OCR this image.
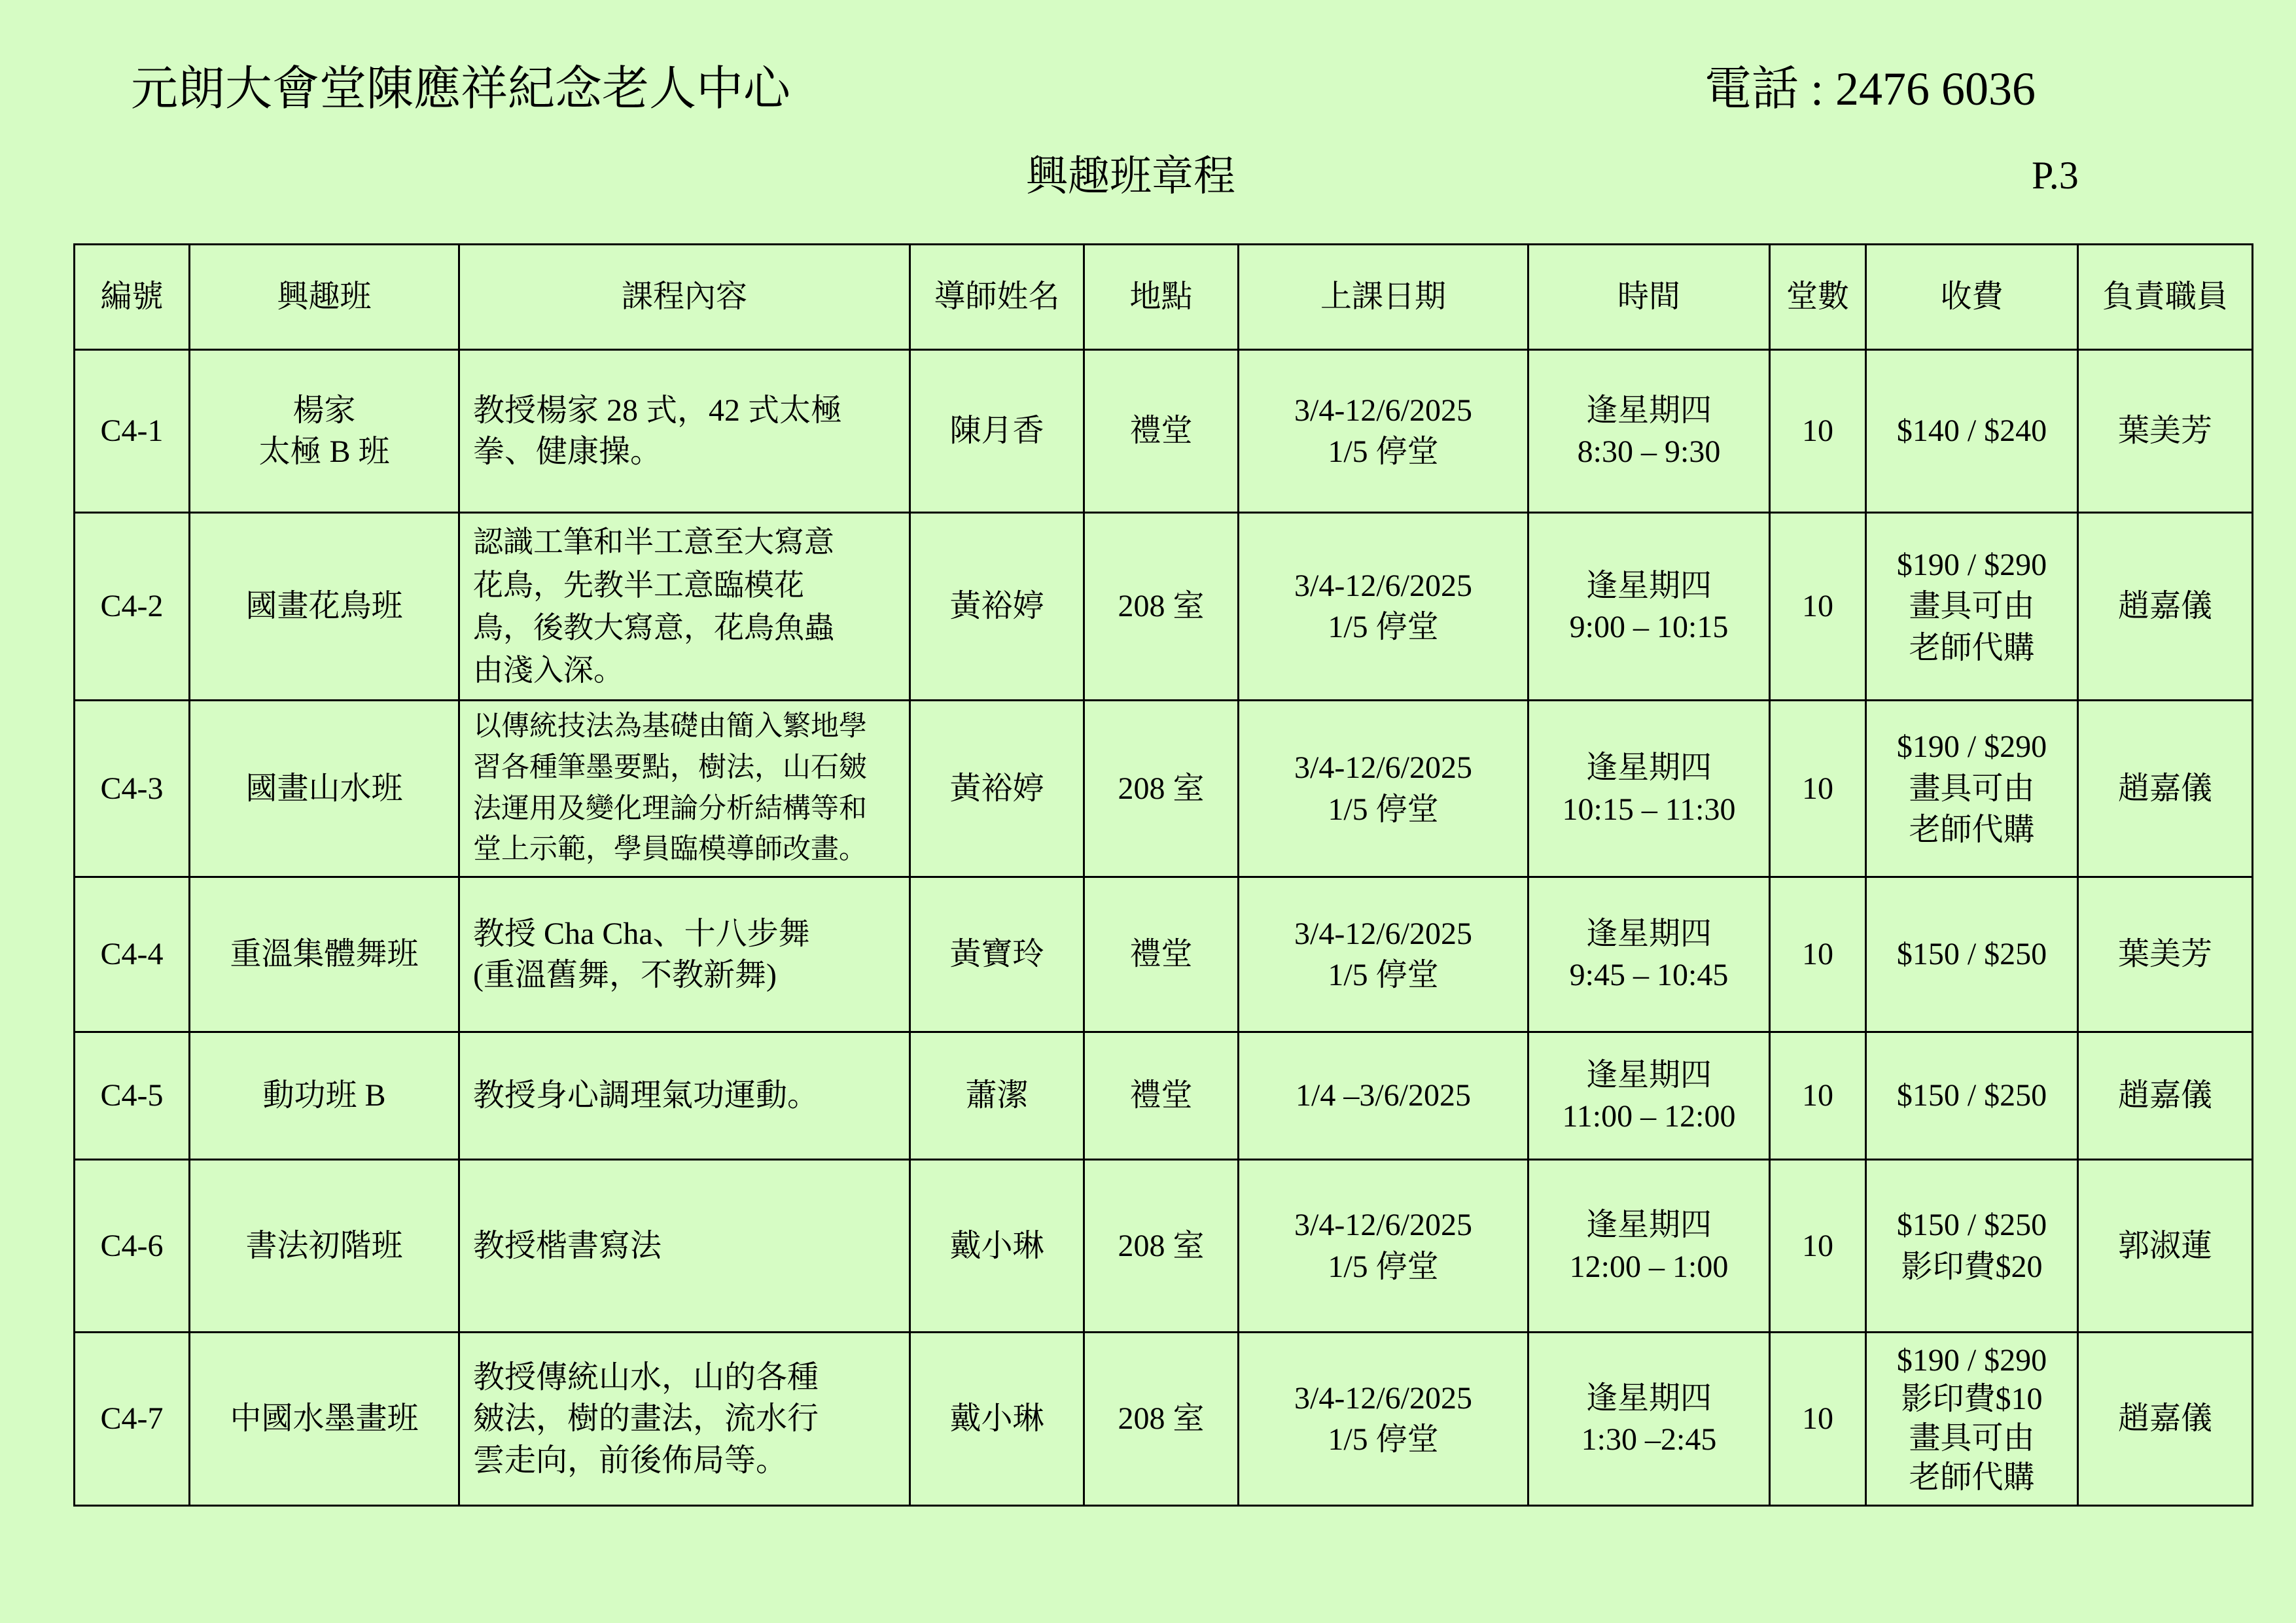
元朗大會堂陳應祥紀念老人中心	電話 : 2476 6036
興趣班章程	P.3
編號	興趣班	課程內容	導師姓名	地點	上課日期	時間	堂數	收費	負責職員
C4-1	楊家
太極 B 班	教授楊家 28 式，42 式太極
拳、健康操。	陳月香	禮堂	3/4-12/6/2025
1/5 停堂	逢星期四
8:30 – 9:30	10	$140 / $240	葉美芳
C4-2	國畫花鳥班	認識工筆和半工意至大寫意
花鳥，先教半工意臨模花
鳥，後教大寫意，花鳥魚蟲
由淺入深。	黃裕婷	208 室	3/4-12/6/2025
1/5 停堂	逢星期四
9:00 – 10:15	10	$190 / $290
畫具可由
老師代購	趙嘉儀
C4-3	國畫山水班	以傳統技法為基礎由簡入繁地學
習各種筆墨要點，樹法，山石皴
法運用及變化理論分析結構等和
堂上示範，學員臨模導師改畫。	黃裕婷	208 室	3/4-12/6/2025
1/5 停堂	逢星期四
10:15 – 11:30	10	$190 / $290
畫具可由
老師代購	趙嘉儀
C4-4	重溫集體舞班	教授 Cha Cha、十八步舞
(重溫舊舞，不教新舞)	黃寶玲	禮堂	3/4-12/6/2025
1/5 停堂	逢星期四
9:45 – 10:45	10	$150 / $250	葉美芳
C4-5	動功班 B	教授身心調理氣功運動。	蕭潔	禮堂	1/4 –3/6/2025	逢星期四
11:00 – 12:00	10	$150 / $250	趙嘉儀
C4-6	書法初階班	教授楷書寫法	戴小琳	208 室	3/4-12/6/2025
1/5 停堂	逢星期四
12:00 – 1:00	10	$150 / $250
影印費$20	郭淑蓮
C4-7	中國水墨畫班	教授傳統山水，山的各種
皴法，樹的畫法，流水行
雲走向，前後佈局等。	戴小琳	208 室	3/4-12/6/2025
1/5 停堂	逢星期四
1:30 –2:45	10	$190 / $290
影印費$10
畫具可由
老師代購	趙嘉儀
